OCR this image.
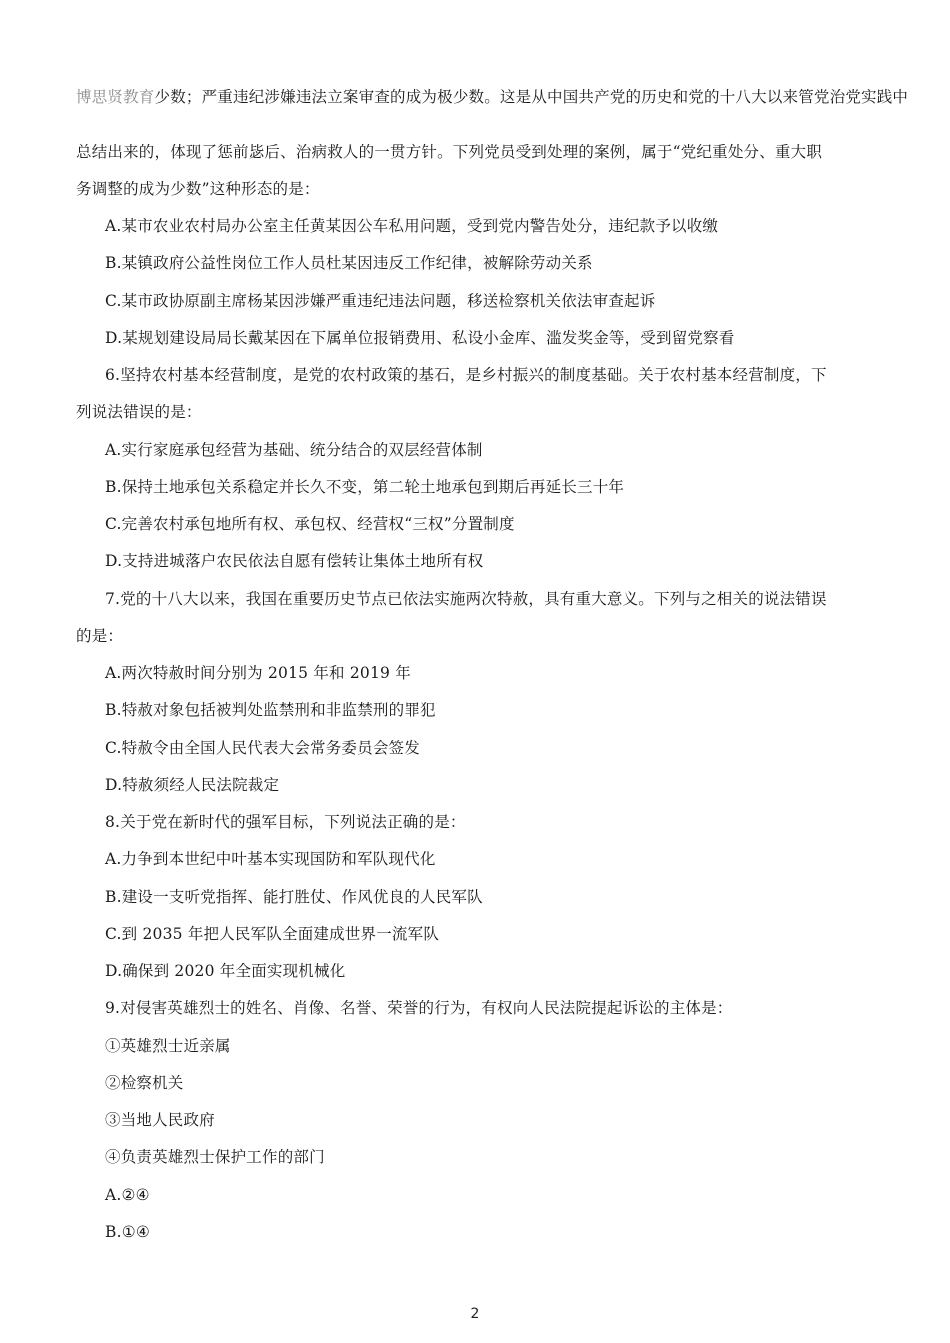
博思贤教育少数；严重违纪涉嫌违法立案审查的成为极少数。这是从中国共产党的历史和党的十八大以来管党治党实践中
总结出来的，体现了惩前毖后、治病救人的一贯方针。下列党员受到处理的案例，属于“党纪重处分、重大职
务调整的成为少数”这种形态的是：
A.某市农业农村局办公室主任黄某因公车私用问题，受到党内警告处分，违纪款予以收缴
B.某镇政府公益性岗位工作人员杜某因违反工作纪律，被解除劳动关系
C.某市政协原副主席杨某因涉嫌严重违纪违法问题，移送检察机关依法审查起诉
D.某规划建设局局长戴某因在下属单位报销费用、私设小金库、滥发奖金等，受到留党察看
6.坚持农村基本经营制度，是党的农村政策的基石，是乡村振兴的制度基础。关于农村基本经营制度，下
列说法错误的是：
A.实行家庭承包经营为基础、统分结合的双层经营体制
B.保持土地承包关系稳定并长久不变，第二轮土地承包到期后再延长三十年
C.完善农村承包地所有权、承包权、经营权“三权”分置制度
D.支持进城落户农民依法自愿有偿转让集体土地所有权
7.党的十八大以来，我国在重要历史节点已依法实施两次特赦，具有重大意义。下列与之相关的说法错误
的是：
A.两次特赦时间分别为 2015 年和 2019 年
B.特赦对象包括被判处监禁刑和非监禁刑的罪犯
C.特赦令由全国人民代表大会常务委员会签发
D.特赦须经人民法院裁定
8.关于党在新时代的强军目标，下列说法正确的是：
A.力争到本世纪中叶基本实现国防和军队现代化
B.建设一支听党指挥、能打胜仗、作风优良的人民军队
C.到 2035 年把人民军队全面建成世界一流军队
D.确保到 2020 年全面实现机械化
9.对侵害英雄烈士的姓名、肖像、名誉、荣誉的行为，有权向人民法院提起诉讼的主体是：
①英雄烈士近亲属
②检察机关
③当地人民政府
④负责英雄烈士保护工作的部门
A.②④
B.①④
2
